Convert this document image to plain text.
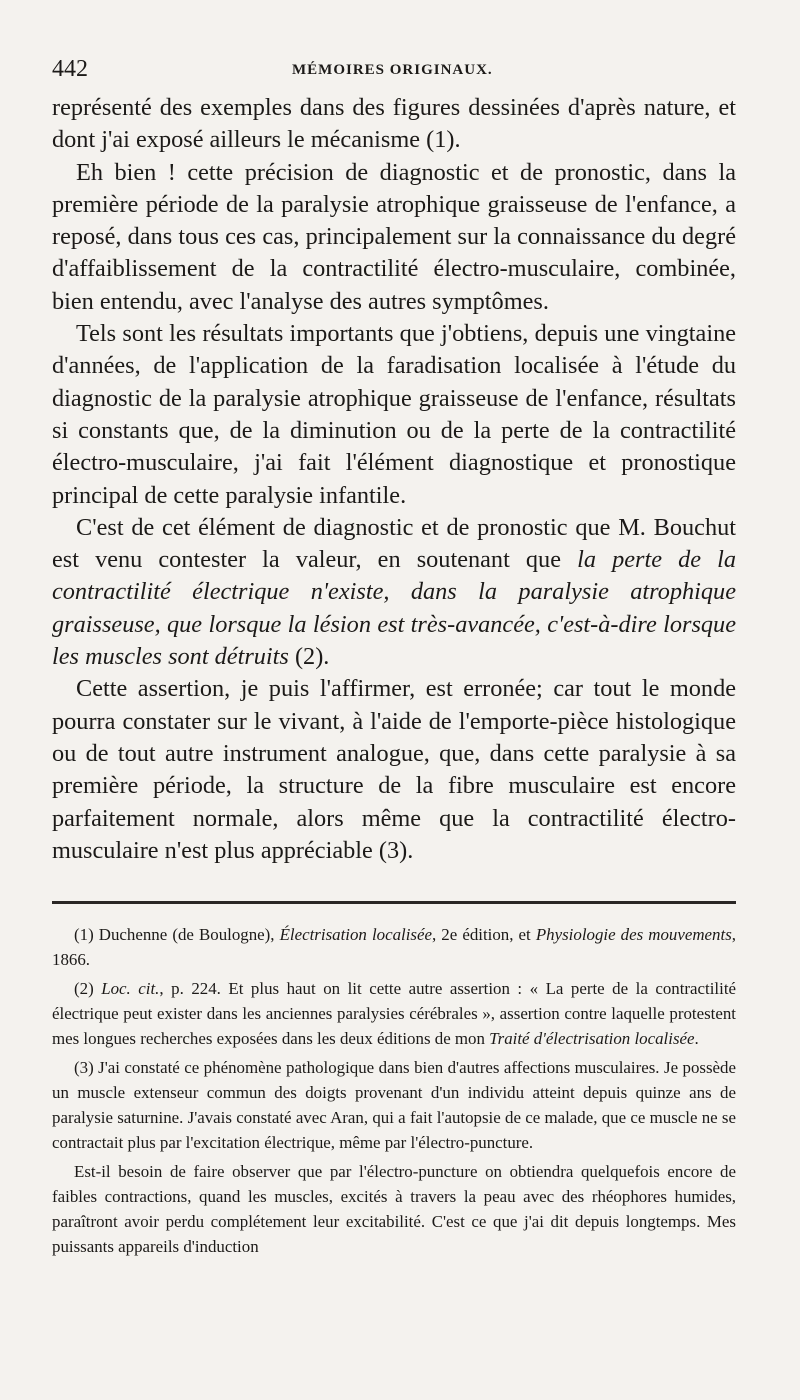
442	MÉMOIRES ORIGINAUX.

représenté des exemples dans des figures dessinées d'après nature, et dont j'ai exposé ailleurs le mécanisme (1).

Eh bien ! cette précision de diagnostic et de pronostic, dans la première période de la paralysie atrophique graisseuse de l'enfance, a reposé, dans tous ces cas, principalement sur la connaissance du degré d'affaiblissement de la contractilité électro-musculaire, combinée, bien entendu, avec l'analyse des autres symptômes.

Tels sont les résultats importants que j'obtiens, depuis une vingtaine d'années, de l'application de la faradisation localisée à l'étude du diagnostic de la paralysie atrophique graisseuse de l'enfance, résultats si constants que, de la diminution ou de la perte de la contractilité électro-musculaire, j'ai fait l'élément diagnostique et pronostique principal de cette paralysie infantile.

C'est de cet élément de diagnostic et de pronostic que M. Bouchut est venu contester la valeur, en soutenant que la perte de la contractilité électrique n'existe, dans la paralysie atrophique graisseuse, que lorsque la lésion est très-avancée, c'est-à-dire lorsque les muscles sont détruits (2).

Cette assertion, je puis l'affirmer, est erronée; car tout le monde pourra constater sur le vivant, à l'aide de l'emporte-pièce histologique ou de tout autre instrument analogue, que, dans cette paralysie à sa première période, la structure de la fibre musculaire est encore parfaitement normale, alors même que la contractilité électro-musculaire n'est plus appréciable (3).

(1) Duchenne (de Boulogne), Électrisation localisée, 2e édition, et Physiologie des mouvements, 1866.

(2) Loc. cit., p. 224. Et plus haut on lit cette autre assertion : « La perte de la contractilité électrique peut exister dans les anciennes paralysies cérébrales », assertion contre laquelle protestent mes longues recherches exposées dans les deux éditions de mon Traité d'électrisation localisée.

(3) J'ai constaté ce phénomène pathologique dans bien d'autres affections musculaires. Je possède un muscle extenseur commun des doigts provenant d'un individu atteint depuis quinze ans de paralysie saturnine. J'avais constaté avec Aran, qui a fait l'autopsie de ce malade, que ce muscle ne se contractait plus par l'excitation électrique, même par l'électro-puncture.

Est-il besoin de faire observer que par l'électro-puncture on obtiendra quelquefois encore de faibles contractions, quand les muscles, excités à travers la peau avec des rhéophores humides, paraîtront avoir perdu complétement leur excitabilité. C'est ce que j'ai dit depuis longtemps. Mes puissants appareils d'induction
